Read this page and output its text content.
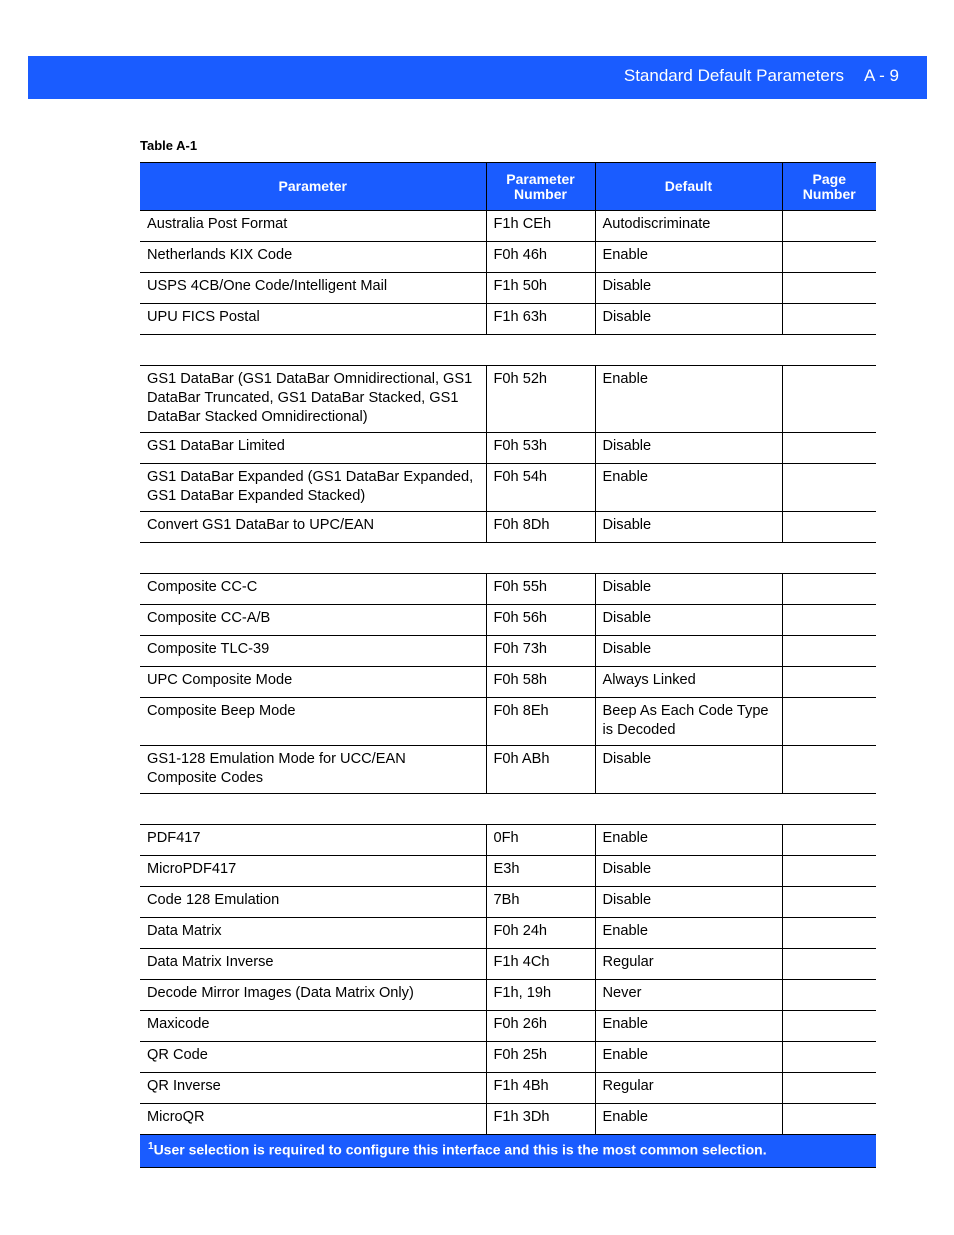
Standard Default Parameters A - 9
Table A-1
Parameter	Parameter Number	Default	Page Number
Australia Post Format	F1h CEh	Autodiscriminate	
Netherlands KIX Code	F0h 46h	Enable	
USPS 4CB/One Code/Intelligent Mail	F1h 50h	Disable	
UPU FICS Postal	F1h 63h	Disable	

GS1 DataBar (GS1 DataBar Omnidirectional, GS1 DataBar Truncated, GS1 DataBar Stacked, GS1 DataBar Stacked Omnidirectional)	F0h 52h	Enable	
GS1 DataBar Limited	F0h 53h	Disable	
GS1 DataBar Expanded (GS1 DataBar Expanded, GS1 DataBar Expanded Stacked)	F0h 54h	Enable	
Convert GS1 DataBar to UPC/EAN	F0h 8Dh	Disable	

Composite CC-C	F0h 55h	Disable	
Composite CC-A/B	F0h 56h	Disable	
Composite TLC-39	F0h 73h	Disable	
UPC Composite Mode	F0h 58h	Always Linked	
Composite Beep Mode	F0h 8Eh	Beep As Each Code Type is Decoded	
GS1-128 Emulation Mode for UCC/EAN Composite Codes	F0h ABh	Disable	

PDF417	0Fh	Enable	
MicroPDF417	E3h	Disable	
Code 128 Emulation	7Bh	Disable	
Data Matrix	F0h 24h	Enable	
Data Matrix Inverse	F1h 4Ch	Regular	
Decode Mirror Images (Data Matrix Only)	F1h, 19h	Never	
Maxicode	F0h 26h	Enable	
QR Code	F0h 25h	Enable	
QR Inverse	F1h 4Bh	Regular	
MicroQR	F1h 3Dh	Enable	
$^1$User selection is required to configure this interface and this is the most common selection.			
